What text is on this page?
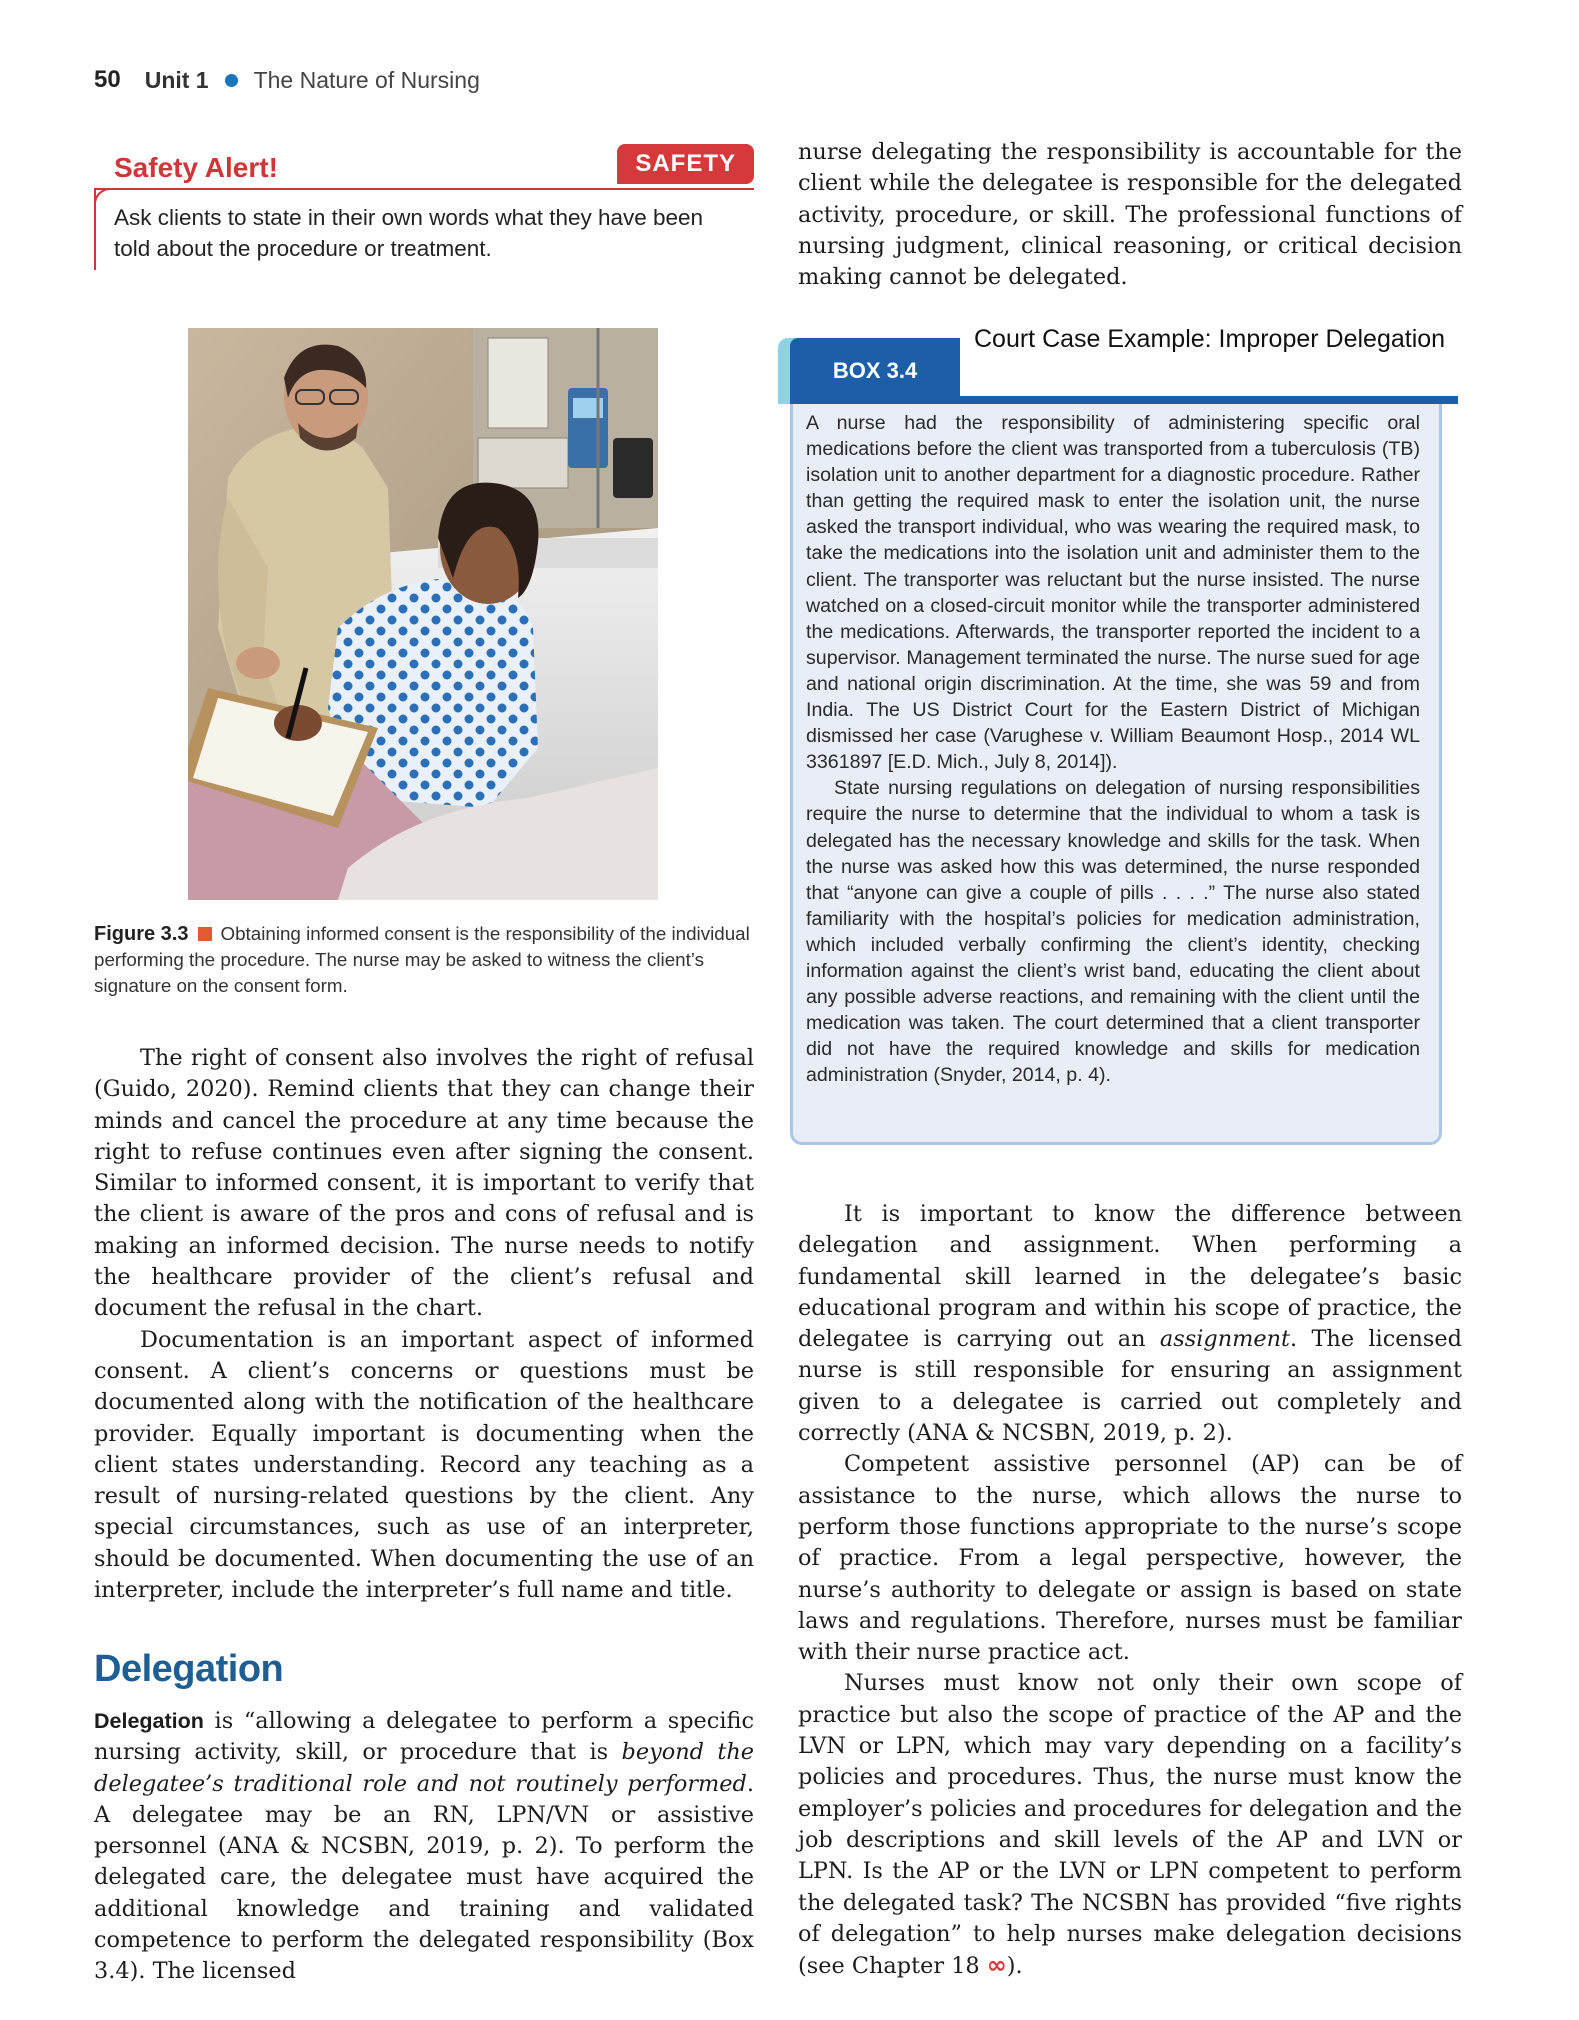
50 Unit 1 The Nature of Nursing
Safety Alert!	SAFETY
Ask clients to state in their own words what they have been told about the procedure or treatment.
Figure 3.3 Obtaining informed consent is the responsibility of the individual performing the procedure. The nurse may be asked to witness the client’s signature on the consent form.

The right of consent also involves the right of refusal (Guido, 2020). Remind clients that they can change their minds and cancel the procedure at any time because the right to refuse continues even after signing the consent. Similar to informed consent, it is important to verify that the client is aware of the pros and cons of refusal and is making an informed decision. The nurse needs to notify the healthcare provider of the client’s refusal and document the refusal in the chart.

Documentation is an important aspect of informed consent. A client’s concerns or questions must be documented along with the notification of the healthcare provider. Equally important is documenting when the client states understanding. Record any teaching as a result of nursing-related questions by the client. Any special circumstances, such as use of an interpreter, should be documented. When documenting the use of an interpreter, include the interpreter’s full name and title.

Delegation

Delegation is “allowing a delegatee to perform a specific nursing activity, skill, or procedure that is beyond the delegatee’s traditional role and not routinely performed. A delegatee may be an RN, LPN/VN or assistive personnel (ANA & NCSBN, 2019, p. 2). To perform the delegated care, the delegatee must have acquired the additional knowledge and training and validated competence to perform the delegated responsibility (Box 3.4). The licensed

nurse delegating the responsibility is accountable for the client while the delegatee is responsible for the delegated activity, procedure, or skill. The professional functions of nursing judgment, clinical reasoning, or critical decision making cannot be delegated.

BOX 3.4
Court Case Example: Improper Delegation

A nurse had the responsibility of administering specific oral medications before the client was transported from a tuberculosis (TB) isolation unit to another department for a diagnostic procedure. Rather than getting the required mask to enter the isolation unit, the nurse asked the transport individual, who was wearing the required mask, to take the medications into the isolation unit and administer them to the client. The transporter was reluctant but the nurse insisted. The nurse watched on a closed-circuit monitor while the transporter administered the medications. Afterwards, the transporter reported the incident to a supervisor. Management terminated the nurse. The nurse sued for age and national origin discrimination. At the time, she was 59 and from India. The US District Court for the Eastern District of Michigan dismissed her case (Varughese v. William Beaumont Hosp., 2014 WL 3361897 [E.D. Mich., July 8, 2014]).

State nursing regulations on delegation of nursing responsibilities require the nurse to determine that the individual to whom a task is delegated has the necessary knowledge and skills for the task. When the nurse was asked how this was determined, the nurse responded that “anyone can give a couple of pills . . . .” The nurse also stated familiarity with the hospital’s policies for medication administration, which included verbally confirming the client’s identity, checking information against the client’s wrist band, educating the client about any possible adverse reactions, and remaining with the client until the medication was taken. The court determined that a client transporter did not have the required knowledge and skills for medication administration (Snyder, 2014, p. 4).

It is important to know the difference between delegation and assignment. When performing a fundamental skill learned in the delegatee’s basic educational program and within his scope of practice, the delegatee is carrying out an assignment. The licensed nurse is still responsible for ensuring an assignment given to a delegatee is carried out completely and correctly (ANA & NCSBN, 2019, p. 2).

Competent assistive personnel (AP) can be of assistance to the nurse, which allows the nurse to perform those functions appropriate to the nurse’s scope of practice. From a legal perspective, however, the nurse’s authority to delegate or assign is based on state laws and regulations. Therefore, nurses must be familiar with their nurse practice act.

Nurses must know not only their own scope of practice but also the scope of practice of the AP and the LVN or LPN, which may vary depending on a facility’s policies and procedures. Thus, the nurse must know the employer’s policies and procedures for delegation and the job descriptions and skill levels of the AP and LVN or LPN. Is the AP or the LVN or LPN competent to perform the delegated task? The NCSBN has provided “five rights of delegation” to help nurses make delegation decisions (see Chapter 18 ∞).
